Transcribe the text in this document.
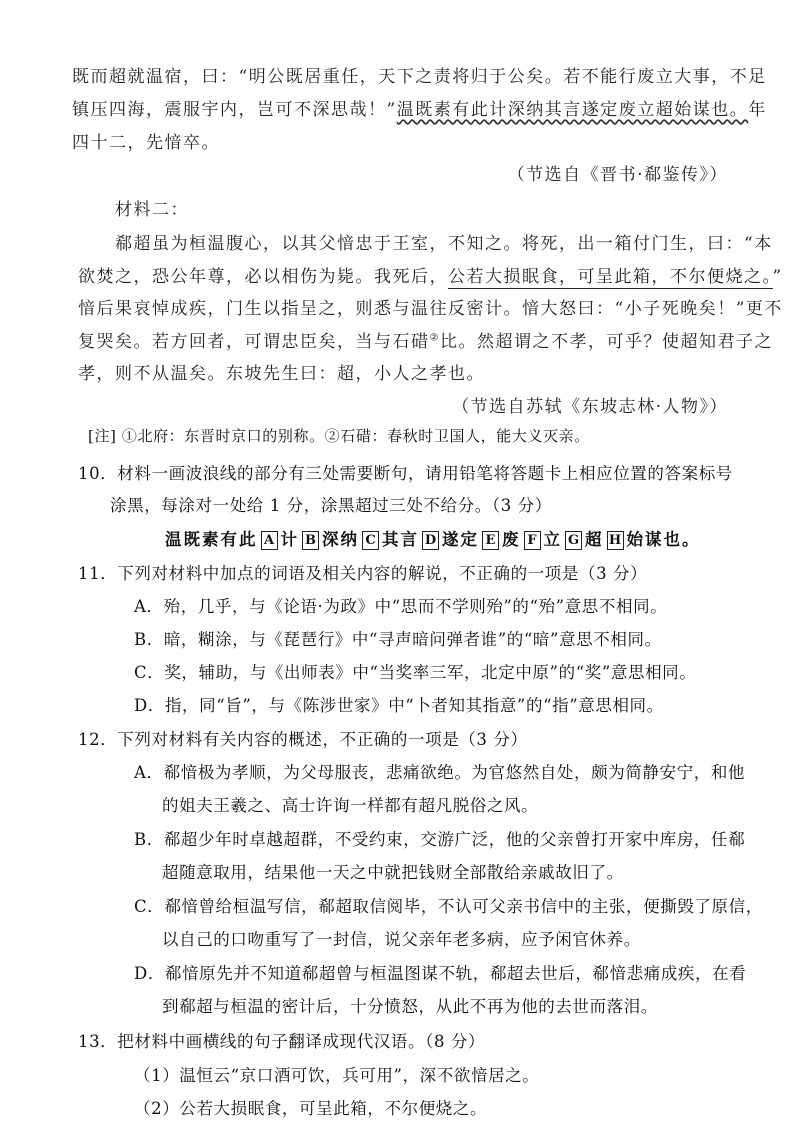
既而超就温宿，曰：“明公既居重任，天下之责将归于公矣。若不能行废立大事，不足

镇压四海，震服宇内，岂可不深思哉！”温既素有此计深纳其言遂定废立超始谋也。年

四十二，先愔卒。

（节选自《晋书·郗鉴传》）

材料二：

郗超虽为桓温腹心，以其父愔忠于王室，不知之。将死，出一箱付门生，曰：“本

欲焚之，恐公年尊，必以相伤为毙。我死后，公若大损眠食，可呈此箱，不尔便烧之。”

愔后果哀悼成疾，门生以指呈之，则悉与温往反密计。愔大怒曰：“小子死晚矣！”更不

复哭矣。若方回者，可谓忠臣矣，当与石碏②比。然超谓之不孝，可乎？使超知君子之

孝，则不从温矣。东坡先生曰：超，小人之孝也。

（节选自苏轼《东坡志林·人物》）

[注] ①北府：东晋时京口的别称。②石碏：春秋时卫国人，能大义灭亲。

10．材料一画波浪线的部分有三处需要断句，请用铅笔将答题卡上相应位置的答案标号

涂黑，每涂对一处给 1 分，涂黑超过三处不给分。（3 分）

温既素有此 A 计 B 深纳 C 其言 D 遂定 E 废 F 立 G 超 H 始谋也。

11．下列对材料中加点的词语及相关内容的解说，不正确的一项是（3 分）

A．殆，几乎，与《论语·为政》中“思而不学则殆”的“殆”意思不相同。

B．暗，糊涂，与《琵琶行》中“寻声暗问弹者谁”的“暗”意思不相同。

C．奖，辅助，与《出师表》中“当奖率三军，北定中原”的“奖”意思相同。

D．指，同“旨”，与《陈涉世家》中“卜者知其指意”的“指”意思相同。

12．下列对材料有关内容的概述，不正确的一项是（3 分）

A．郗愔极为孝顺，为父母服丧，悲痛欲绝。为官悠然自处，颇为简静安宁，和他

的姐夫王羲之、高士许询一样都有超凡脱俗之风。

B．郗超少年时卓越超群，不受约束，交游广泛，他的父亲曾打开家中库房，任郗

超随意取用，结果他一天之中就把钱财全部散给亲戚故旧了。

C．郗愔曾给桓温写信，郗超取信阅毕，不认可父亲书信中的主张，便撕毁了原信，

以自己的口吻重写了一封信，说父亲年老多病，应予闲官休养。

D．郗愔原先并不知道郗超曾与桓温图谋不轨，郗超去世后，郗愔悲痛成疾，在看

到郗超与桓温的密计后，十分愤怒，从此不再为他的去世而落泪。

13．把材料中画横线的句子翻译成现代汉语。（8 分）

（1）温恒云“京口酒可饮，兵可用”，深不欲愔居之。

（2）公若大损眠食，可呈此箱，不尔便烧之。
